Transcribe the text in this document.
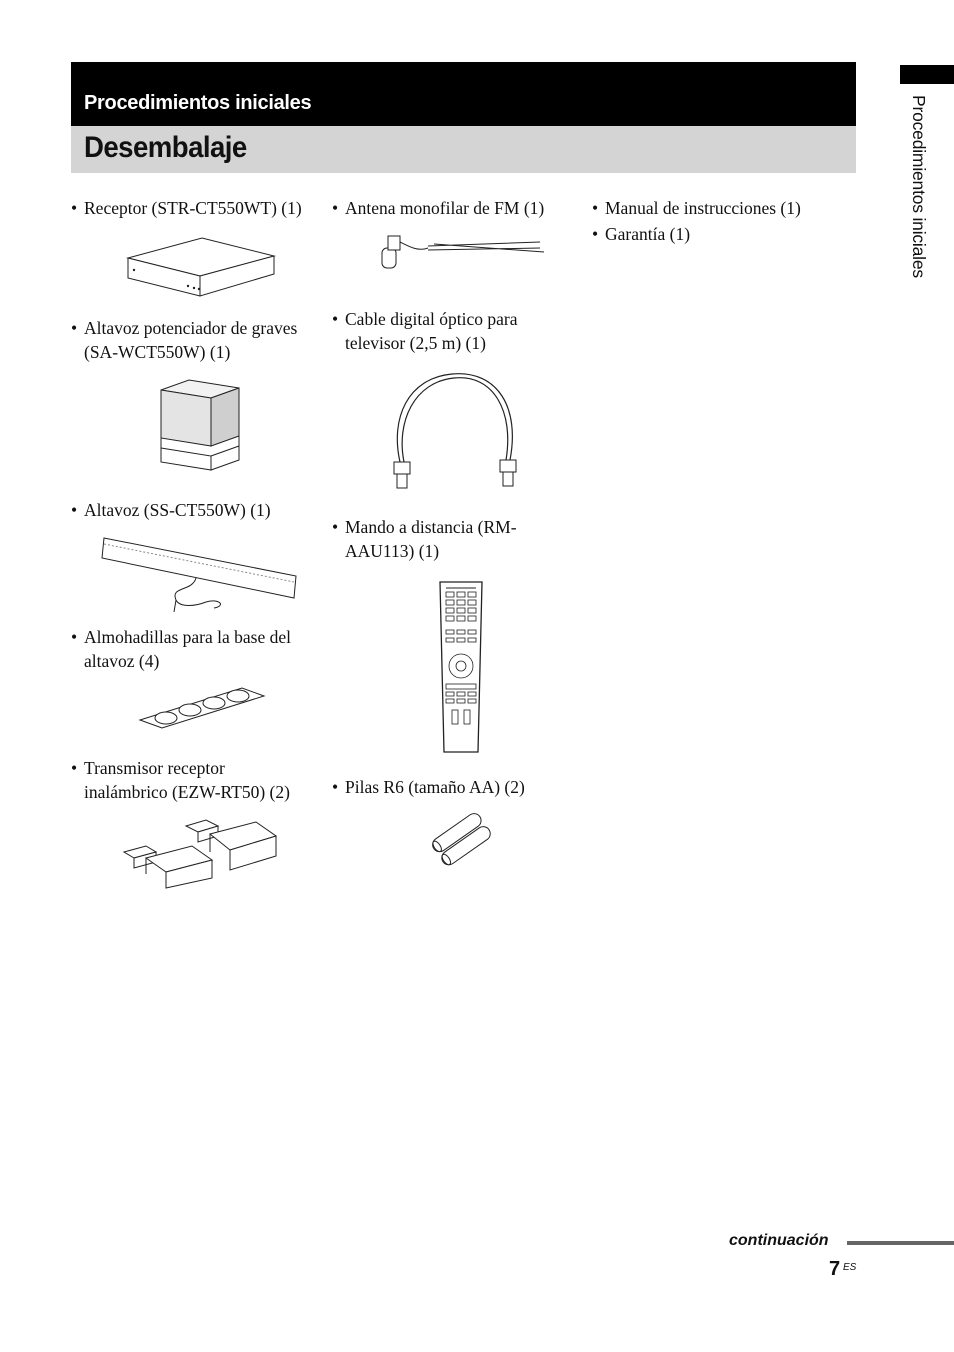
Procedimientos iniciales
Desembalaje	Procedimientos iniciales
• Receptor (STR-CT550WT) (1)
• Altavoz potenciador de graves
(SA-WCT550W) (1)
• Altavoz (SS-CT550W) (1)
• Almohadillas para la base del
altavoz (4)
• Transmisor receptor
inalámbrico (EZW-RT50) (2)
• Antena monofilar de FM (1)
• Cable digital óptico para
televisor (2,5 m) (1)
• Mando a distancia (RM-
AAU113) (1)
• Pilas R6 (tamaño AA) (2)
• Manual de instrucciones (1)
• Garantía (1)
continuación
7 ES
